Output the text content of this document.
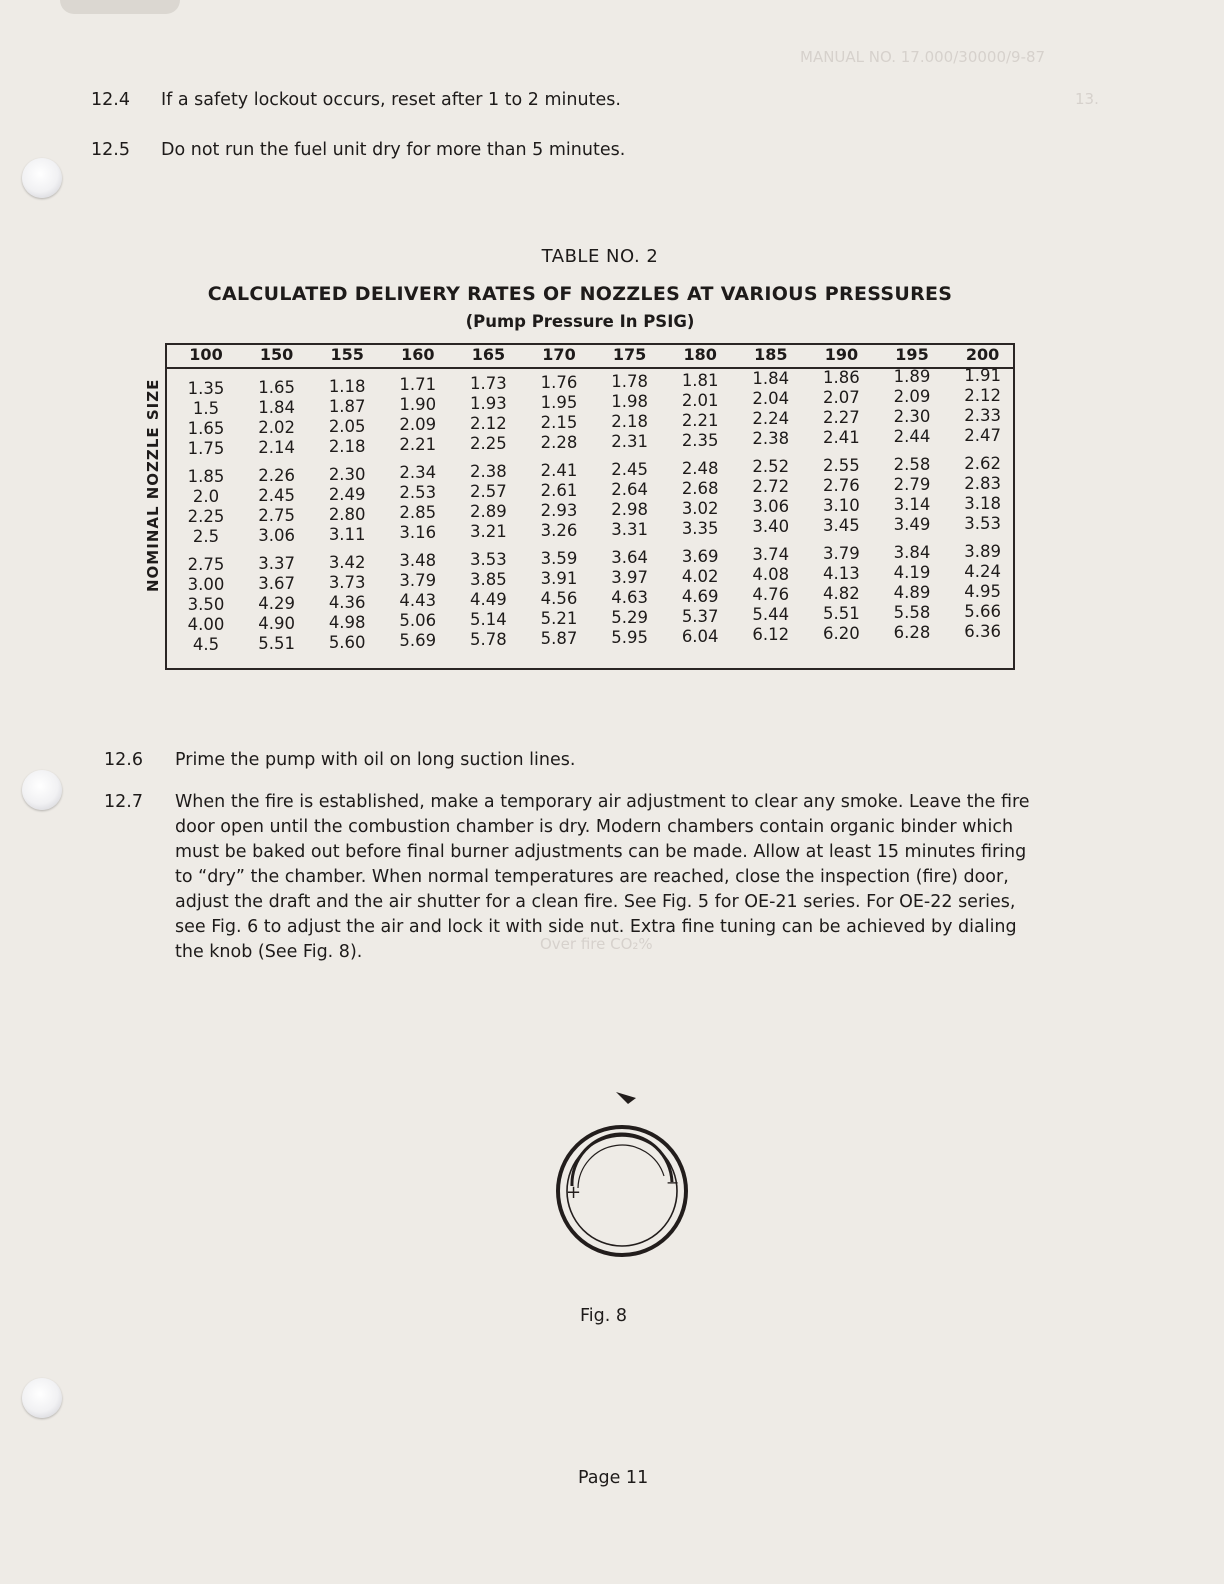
MANUAL NO. 17.000/30000/9-87
13.
Over fire CO₂%
12.4 If a safety lockout occurs, reset after 1 to 2 minutes.
12.5 Do not run the fuel unit dry for more than 5 minutes.
TABLE NO. 2
CALCULATED DELIVERY RATES OF NOZZLES AT VARIOUS PRESSURES
(Pump Pressure In PSIG)
NOMINAL NOZZLE SIZE
100
1.35
1.5
1.65
1.75
1.85
2.0
2.25
2.5
2.75
3.00
3.50
4.00
4.5
150
1.65
1.84
2.02
2.14
2.26
2.45
2.75
3.06
3.37
3.67
4.29
4.90
5.51
155
1.18
1.87
2.05
2.18
2.30
2.49
2.80
3.11
3.42
3.73
4.36
4.98
5.60
160
1.71
1.90
2.09
2.21
2.34
2.53
2.85
3.16
3.48
3.79
4.43
5.06
5.69
165
1.73
1.93
2.12
2.25
2.38
2.57
2.89
3.21
3.53
3.85
4.49
5.14
5.78
170
1.76
1.95
2.15
2.28
2.41
2.61
2.93
3.26
3.59
3.91
4.56
5.21
5.87
175
1.78
1.98
2.18
2.31
2.45
2.64
2.98
3.31
3.64
3.97
4.63
5.29
5.95
180
1.81
2.01
2.21
2.35
2.48
2.68
3.02
3.35
3.69
4.02
4.69
5.37
6.04
185
1.84
2.04
2.24
2.38
2.52
2.72
3.06
3.40
3.74
4.08
4.76
5.44
6.12
190
1.86
2.07
2.27
2.41
2.55
2.76
3.10
3.45
3.79
4.13
4.82
5.51
6.20
195
1.89
2.09
2.30
2.44
2.58
2.79
3.14
3.49
3.84
4.19
4.89
5.58
6.28
200
1.91
2.12
2.33
2.47
2.62
2.83
3.18
3.53
3.89
4.24
4.95
5.66
6.36
12.6 Prime the pump with oil on long suction lines.
12.7 When the fire is established, make a temporary air adjustment to clear any smoke. Leave the fire
door open until the combustion chamber is dry. Modern chambers contain organic binder which
must be baked out before final burner adjustments can be made. Allow at least 15 minutes firing
to “dry” the chamber. When normal temperatures are reached, close the inspection (fire) door,
adjust the draft and the air shutter for a clean fire. See Fig. 5 for OE-21 series. For OE-22 series,
see Fig. 6 to adjust the air and lock it with side nut. Extra fine tuning can be achieved by dialing
the knob (See Fig. 8).
+	−
Fig. 8
Page 11
